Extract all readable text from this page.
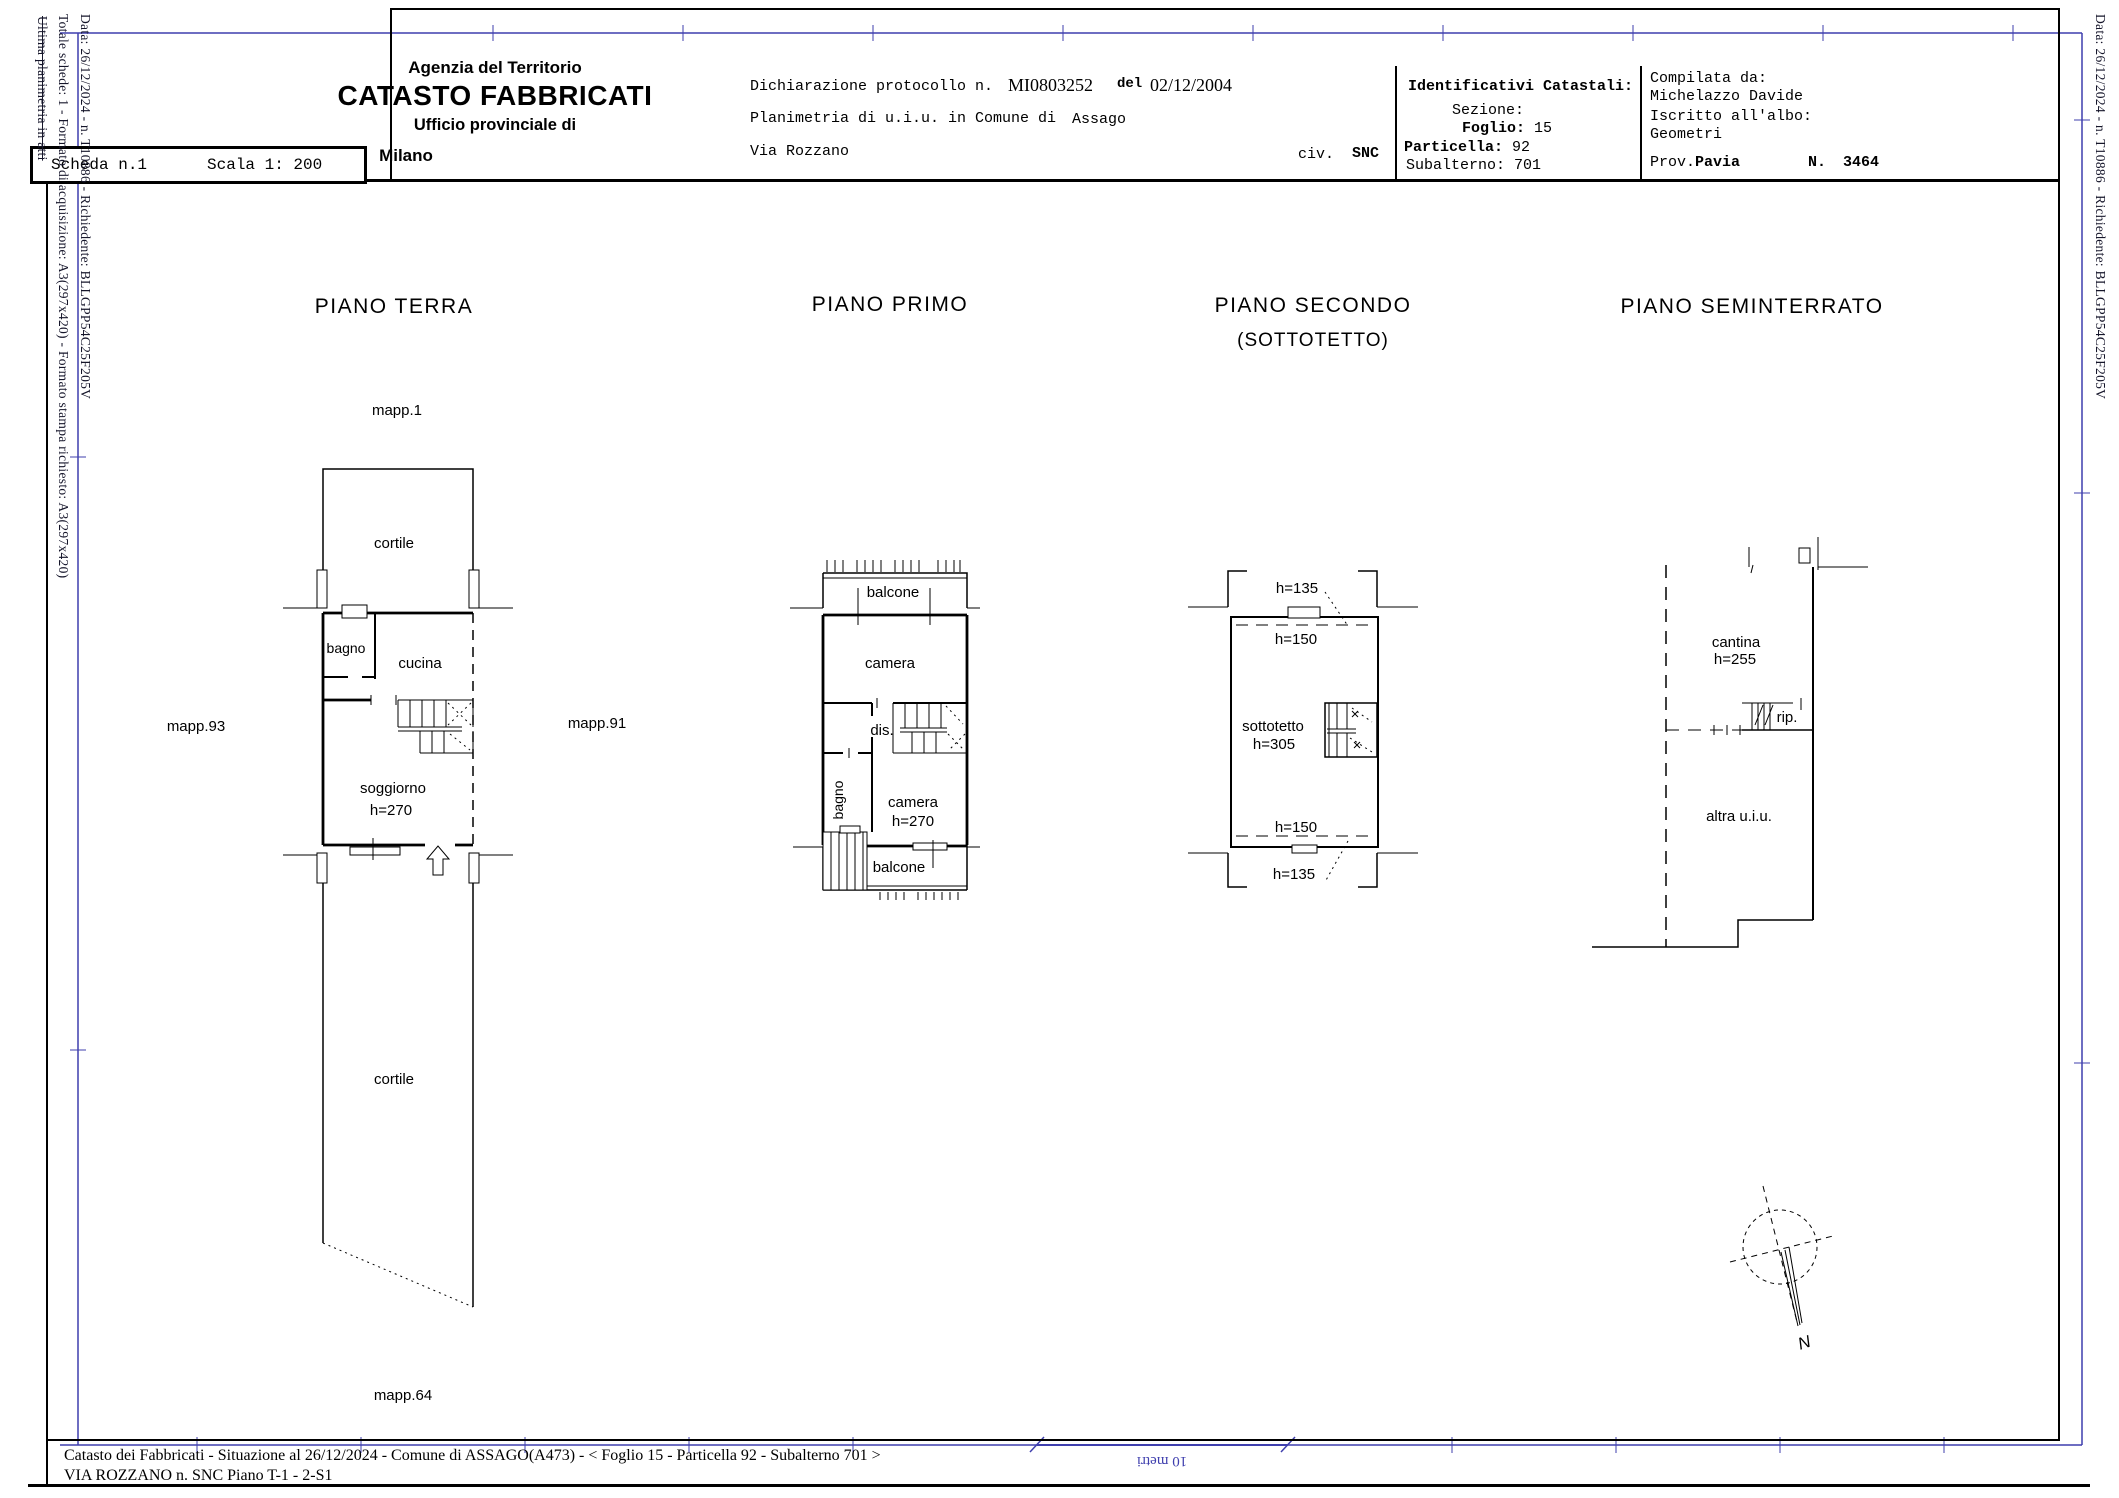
PIANO TERRA
mapp.1
cortile
bagno
cucina
mapp.93	mapp.91
soggiorno
h=270
cortile
mapp.64
PIANO PRIMO
balcone
camera
dis.
bagno	camera
h=270
balcone
PIANO SECONDO
(SOTTOTETTO)
h=135
h=150
sottotetto
h=305
h=150
h=135
PIANO SEMINTERRATO
cantina
h=255
rip.
altra u.i.u.
N
Agenzia del Territorio
CATASTO FABBRICATI
Ufficio provinciale di
Milano
Dichiarazione protocollo n. MI0803252 del 02/12/2004
Planimetria di u.i.u. in Comune di Assago
Via Rozzano	civ. SNC
Identificativi Catastali:
Sezione:
Foglio: 15
Particella: 92
Subalterno: 701
Compilata da:
Michelazzo Davide
Iscritto all'albo:
Geometri
Prov.Pavia	N. 3464
Scheda n.1	Scala 1: 200
Ultima planimetria in atti Totale schede: 1 - Formato di acquisizione: A3(297x420) - Formato stampa richiesto: A3(297x420) Data: 26/12/2024 - n. T10886 - Richiedente: BLLGPP54C25F205V	Data: 26/12/2024 - n. T10886 - Richiedente: BLLGPP54C25F205V
10 metri
Catasto dei Fabbricati - Situazione al 26/12/2024 - Comune di ASSAGO(A473) - < Foglio 15 - Particella 92 - Subalterno 701 >
VIA ROZZANO n. SNC Piano T-1 - 2-S1
